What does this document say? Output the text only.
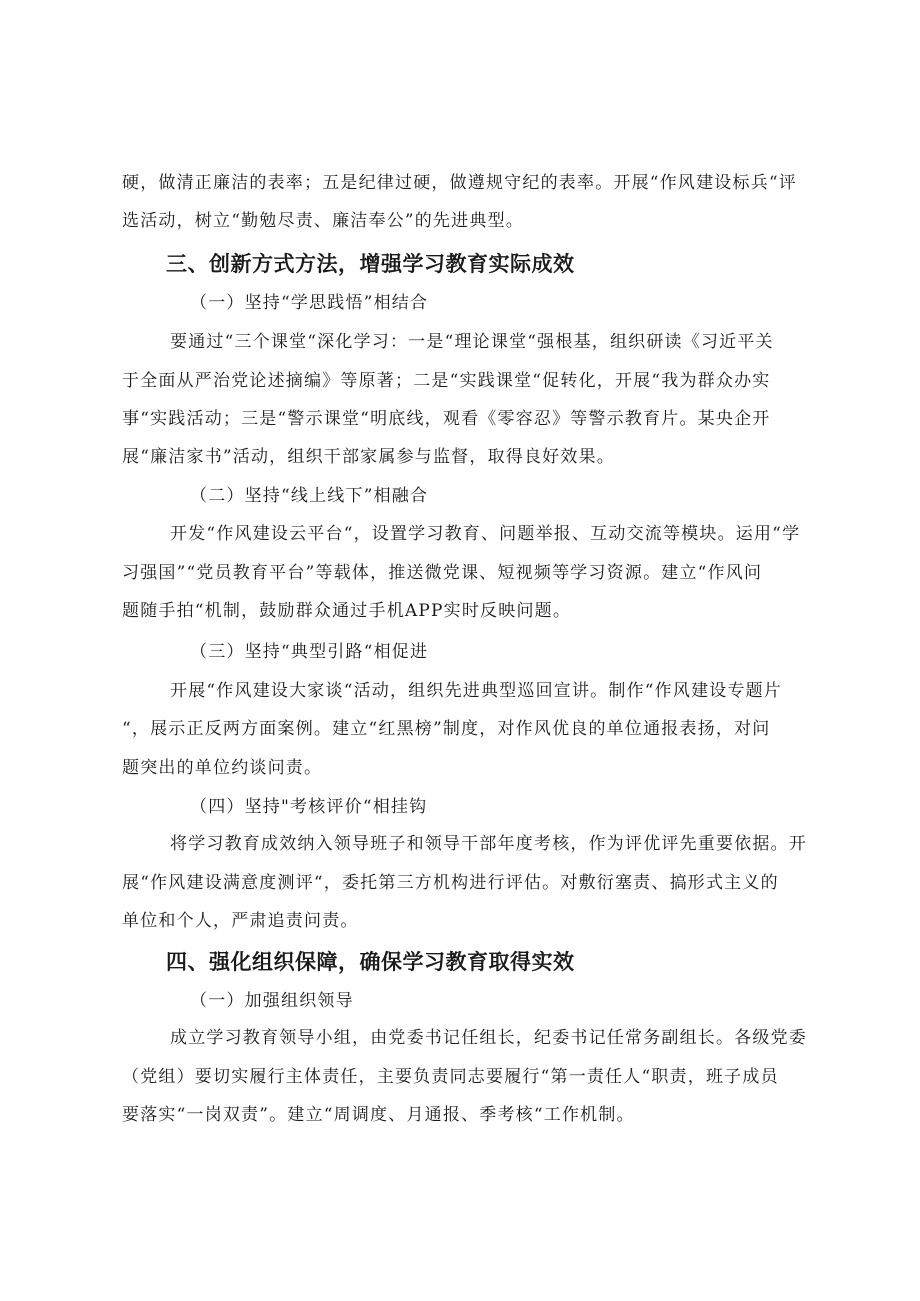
硬，做清正廉洁的表率；五是纪律过硬，做遵规守纪的表率。开展“作风建设标兵“评
选活动，树立“勤勉尽责、廉洁奉公”的先进典型。
三、创新方式方法，增强学习教育实际成效
（一）坚持“学思践悟”相结合
要通过“三个课堂“深化学习：一是“理论课堂“强根基，组织研读《习近平关
于全面从严治党论述摘编》等原著；二是“实践课堂“促转化，开展“我为群众办实
事“实践活动；三是“警示课堂“明底线，观看《零容忍》等警示教育片。某央企开
展“廉洁家书”活动，组织干部家属参与监督，取得良好效果。
（二）坚持“线上线下”相融合
开发“作风建设云平台“，设置学习教育、问题举报、互动交流等模块。运用“学
习强国”“党员教育平台”等载体，推送微党课、短视频等学习资源。建立“作风问
题随手拍“机制，鼓励群众通过手机APP实时反映问题。
（三）坚持“典型引路“相促进
开展“作风建设大家谈“活动，组织先进典型巡回宣讲。制作“作风建设专题片
“，展示正反两方面案例。建立“红黑榜”制度，对作风优良的单位通报表扬，对问
题突出的单位约谈问责。
（四）坚持"考核评价“相挂钩
将学习教育成效纳入领导班子和领导干部年度考核，作为评优评先重要依据。开
展“作风建设满意度测评“，委托第三方机构进行评估。对敷衍塞责、搞形式主义的
单位和个人，严肃追责问责。
四、强化组织保障，确保学习教育取得实效
（一）加强组织领导
成立学习教育领导小组，由党委书记任组长，纪委书记任常务副组长。各级党委
（党组）要切实履行主体责任，主要负责同志要履行“第一责任人“职责，班子成员
要落实“一岗双责”。建立“周调度、月通报、季考核“工作机制。
